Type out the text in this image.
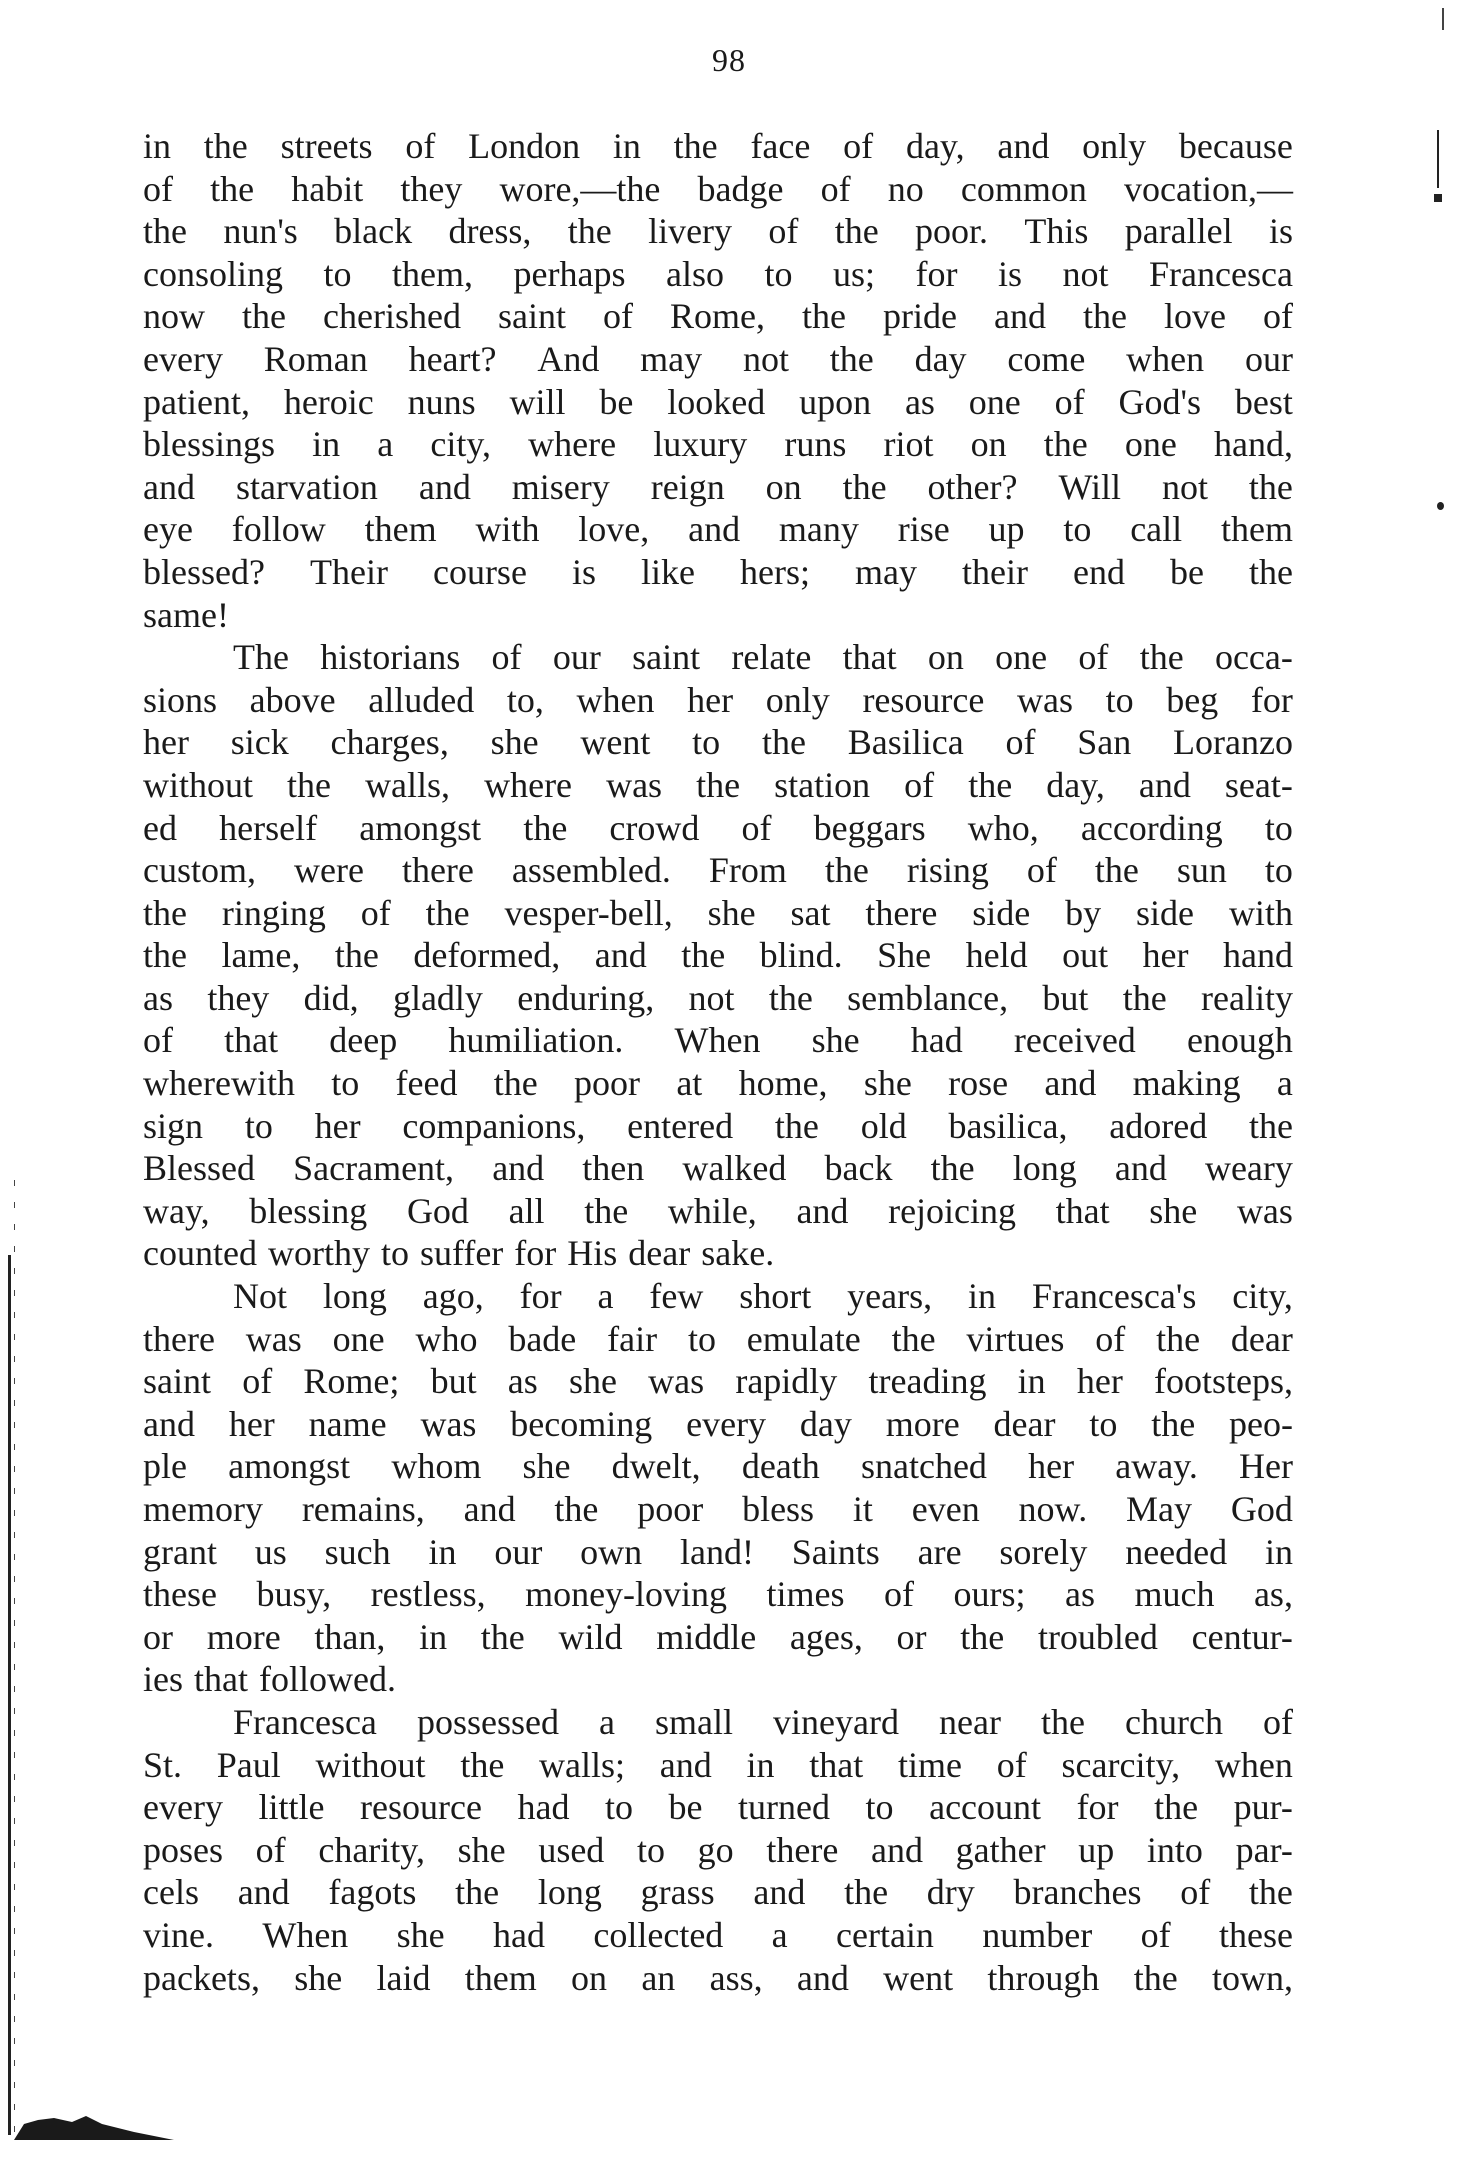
98
in the streets of London in the face of day, and only because
of the habit they wore,—the badge of no common vocation,—
the nun's black dress, the livery of the poor. This parallel is
consoling to them, perhaps also to us; for is not Francesca
now the cherished saint of Rome, the pride and the love of
every Roman heart? And may not the day come when our
patient, heroic nuns will be looked upon as one of God's best
blessings in a city, where luxury runs riot on the one hand,
and starvation and misery reign on the other? Will not the
eye follow them with love, and many rise up to call them
blessed? Their course is like hers; may their end be the
same!
The historians of our saint relate that on one of the occa-
sions above alluded to, when her only resource was to beg for
her sick charges, she went to the Basilica of San Loranzo
without the walls, where was the station of the day, and seat-
ed herself amongst the crowd of beggars who, according to
custom, were there assembled. From the rising of the sun to
the ringing of the vesper-bell, she sat there side by side with
the lame, the deformed, and the blind. She held out her hand
as they did, gladly enduring, not the semblance, but the reality
of that deep humiliation. When she had received enough
wherewith to feed the poor at home, she rose and making a
sign to her companions, entered the old basilica, adored the
Blessed Sacrament, and then walked back the long and weary
way, blessing God all the while, and rejoicing that she was
counted worthy to suffer for His dear sake.
Not long ago, for a few short years, in Francesca's city,
there was one who bade fair to emulate the virtues of the dear
saint of Rome; but as she was rapidly treading in her footsteps,
and her name was becoming every day more dear to the peo-
ple amongst whom she dwelt, death snatched her away. Her
memory remains, and the poor bless it even now. May God
grant us such in our own land! Saints are sorely needed in
these busy, restless, money-loving times of ours; as much as,
or more than, in the wild middle ages, or the troubled centur-
ies that followed.
Francesca possessed a small vineyard near the church of
St. Paul without the walls; and in that time of scarcity, when
every little resource had to be turned to account for the pur-
poses of charity, she used to go there and gather up into par-
cels and fagots the long grass and the dry branches of the
vine. When she had collected a certain number of these
packets, she laid them on an ass, and went through the town,
